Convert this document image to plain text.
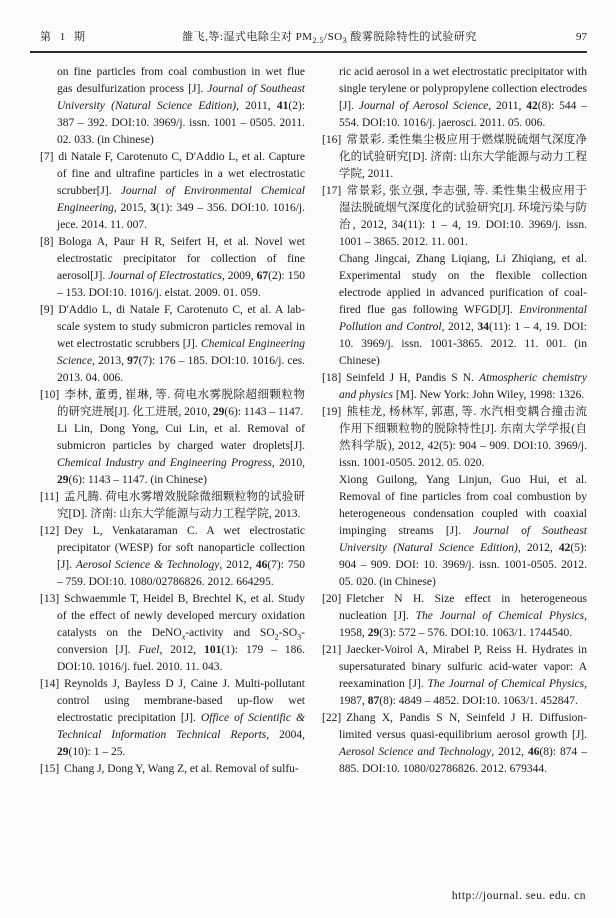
第 1 期	雒飞,等:湿式电除尘对 $PM_{2.5}/SO_3$ 酸雾脱除特性的试验研究	97
on fine particles from coal combustion in wet flue gas desulfurization process [J]. Journal of Southeast University (Natural Science Edition), 2011, 41(2): 387 – 392. DOI:10. 3969/j. issn. 1001 – 0505. 2011. 02. 033. (in Chinese)
[7] di Natale F, Carotenuto C, D'Addio L, et al. Capture of fine and ultrafine particles in a wet electrostatic scrubber[J]. Journal of Environmental Chemical Engineering, 2015, 3(1): 349 – 356. DOI:10. 1016/j. jece. 2014. 11. 007.
[8] Bologa A, Paur H R, Seifert H, et al. Novel wet electrostatic precipitator for collection of fine aerosol[J]. Journal of Electrostatics, 2009, 67(2): 150 – 153. DOI:10. 1016/j. elstat. 2009. 01. 059.
[9] D'Addio L, di Natale F, Carotenuto C, et al. A lab-scale system to study submicron particles removal in wet electrostatic scrubbers [J]. Chemical Engineering Science, 2013, 97(7): 176 – 185. DOI:10. 1016/j. ces. 2013. 04. 006.
[10] 李林, 董勇, 崔琳, 等. 荷电水雾脱除超细颗粒物的研究进展[J]. 化工进展, 2010, 29(6): 1143 – 1147.
Li Lin, Dong Yong, Cui Lin, et al. Removal of submicron particles by charged water droplets[J]. Chemical Industry and Engineering Progress, 2010, 29(6): 1143 – 1147. (in Chinese)
[11] 孟凡腾. 荷电水雾增效脱除微细颗粒物的试验研究[D]. 济南: 山东大学能源与动力工程学院, 2013.
[12] Dey L, Venkataraman C. A wet electrostatic precipitator (WESP) for soft nanoparticle collection [J]. Aerosol Science & Technology, 2012, 46(7): 750 – 759. DOI:10. 1080/02786826. 2012. 664295.
[13] Schwaemmle T, Heidel B, Brechtel K, et al. Study of the effect of newly developed mercury oxidation catalysts on the DeNO$_x$-activity and $SO_2-SO_3$-conversion [J]. Fuel, 2012, 101(1): 179 – 186. DOI:10. 1016/j. fuel. 2010. 11. 043.
[14] Reynolds J, Bayless D J, Caine J. Multi-pollutant control using membrane-based up-flow wet electrostatic precipitation [J]. Office of Scientific & Technical Information Technical Reports, 2004, 29(10): 1 – 25.
[15] Chang J, Dong Y, Wang Z, et al. Removal of sulfu-
ric acid aerosol in a wet electrostatic precipitator with single terylene or polypropylene collection electrodes [J]. Journal of Aerosol Science, 2011, 42(8): 544 – 554. DOI:10. 1016/j. jaerosci. 2011. 05. 006.
[16] 常景彩. 柔性集尘极应用于燃煤脱硫烟气深度净化的试验研究[D]. 济南: 山东大学能源与动力工程学院, 2011.
[17] 常景彩, 张立强, 李志强, 等. 柔性集尘极应用于湿法脱硫烟气深度化的试验研究[J]. 环境污染与防治, 2012, 34(11): 1 – 4, 19. DOI:10. 3969/j. issn. 1001 – 3865. 2012. 11. 001.
Chang Jingcai, Zhang Liqiang, Li Zhiqiang, et al. Experimental study on the flexible collection electrode applied in advanced purification of coal-fired flue gas following WFGD[J]. Environmental Pollution and Control, 2012, 34(11): 1 – 4, 19. DOI: 10. 3969/j. issn. 1001-3865. 2012. 11. 001. (in Chinese)
[18] Seinfeld J H, Pandis S N. Atmospheric chemistry and physics [M]. New York: John Wiley, 1998: 1326.
[19] 熊桂龙, 杨林军, 郭惠, 等. 水汽相变耦合撞击流作用下细颗粒物的脱除特性[J]. 东南大学学报(自然科学版), 2012, 42(5): 904 – 909. DOI:10. 3969/j. issn. 1001-0505. 2012. 05. 020.
Xiong Guilong, Yang Linjun, Guo Hui, et al. Removal of fine particles from coal combustion by heterogeneous condensation coupled with coaxial impinging streams [J]. Journal of Southeast University (Natural Science Edition), 2012, 42(5): 904 – 909. DOI: 10. 3969/j. issn. 1001-0505. 2012. 05. 020. (in Chinese)
[20] Fletcher N H. Size effect in heterogeneous nucleation [J]. The Journal of Chemical Physics, 1958, 29(3): 572 – 576. DOI:10. 1063/1. 1744540.
[21] Jaecker-Voirol A, Mirabel P, Reiss H. Hydrates in supersaturated binary sulfuric acid-water vapor: A reexamination [J]. The Journal of Chemical Physics, 1987, 87(8): 4849 – 4852. DOI:10. 1063/1. 452847.
[22] Zhang X, Pandis S N, Seinfeld J H. Diffusion-limited versus quasi-equilibrium aerosol growth [J]. Aerosol Science and Technology, 2012, 46(8): 874 – 885. DOI:10. 1080/02786826. 2012. 679344.
http://journal. seu. edu. cn
